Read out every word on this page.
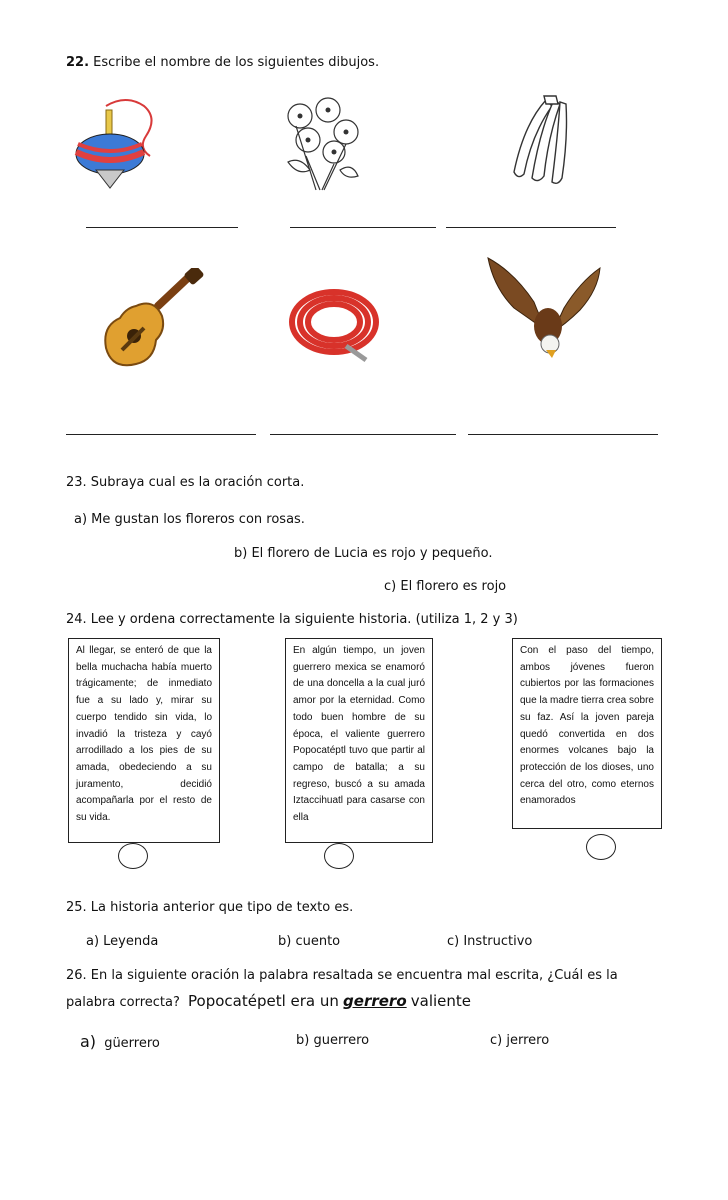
22. Escribe el nombre de los siguientes dibujos.
23. Subraya cual es la oración corta.
a) Me gustan los floreros con rosas.
b) El florero de Lucia es rojo y pequeño.
c) El florero es rojo
24. Lee y ordena correctamente la siguiente historia. (utiliza 1, 2 y 3)
Al llegar, se enteró de que la bella muchacha había muerto trágicamente; de inmediato fue a su lado y, mirar su cuerpo tendido sin vida, lo invadió la tristeza y cayó arrodillado a los pies de su amada, obedeciendo a su juramento, decidió acompañarla por el resto de su vida.
En algún tiempo, un joven guerrero mexica se enamoró de una doncella a la cual juró amor por la eternidad. Como todo buen hombre de su época, el valiente guerrero Popocatéptl tuvo que partir al campo de batalla; a su regreso, buscó a su amada Iztaccihuatl para casarse con ella
Con el paso del tiempo, ambos jóvenes fueron cubiertos por las formaciones que la madre tierra crea sobre su faz. Así la joven pareja quedó convertida en dos enormes volcanes bajo la protección de los dioses, uno cerca del otro, como eternos enamorados
25. La historia anterior que tipo de texto es.
a) Leyenda	b) cuento	c) Instructivo
26. En la siguiente oración la palabra resaltada se encuentra mal escrita, ¿Cuál es la
palabra correcta? Popocatépetl era un gerrero valiente
a) güerrero	b) guerrero	c) jerrero
